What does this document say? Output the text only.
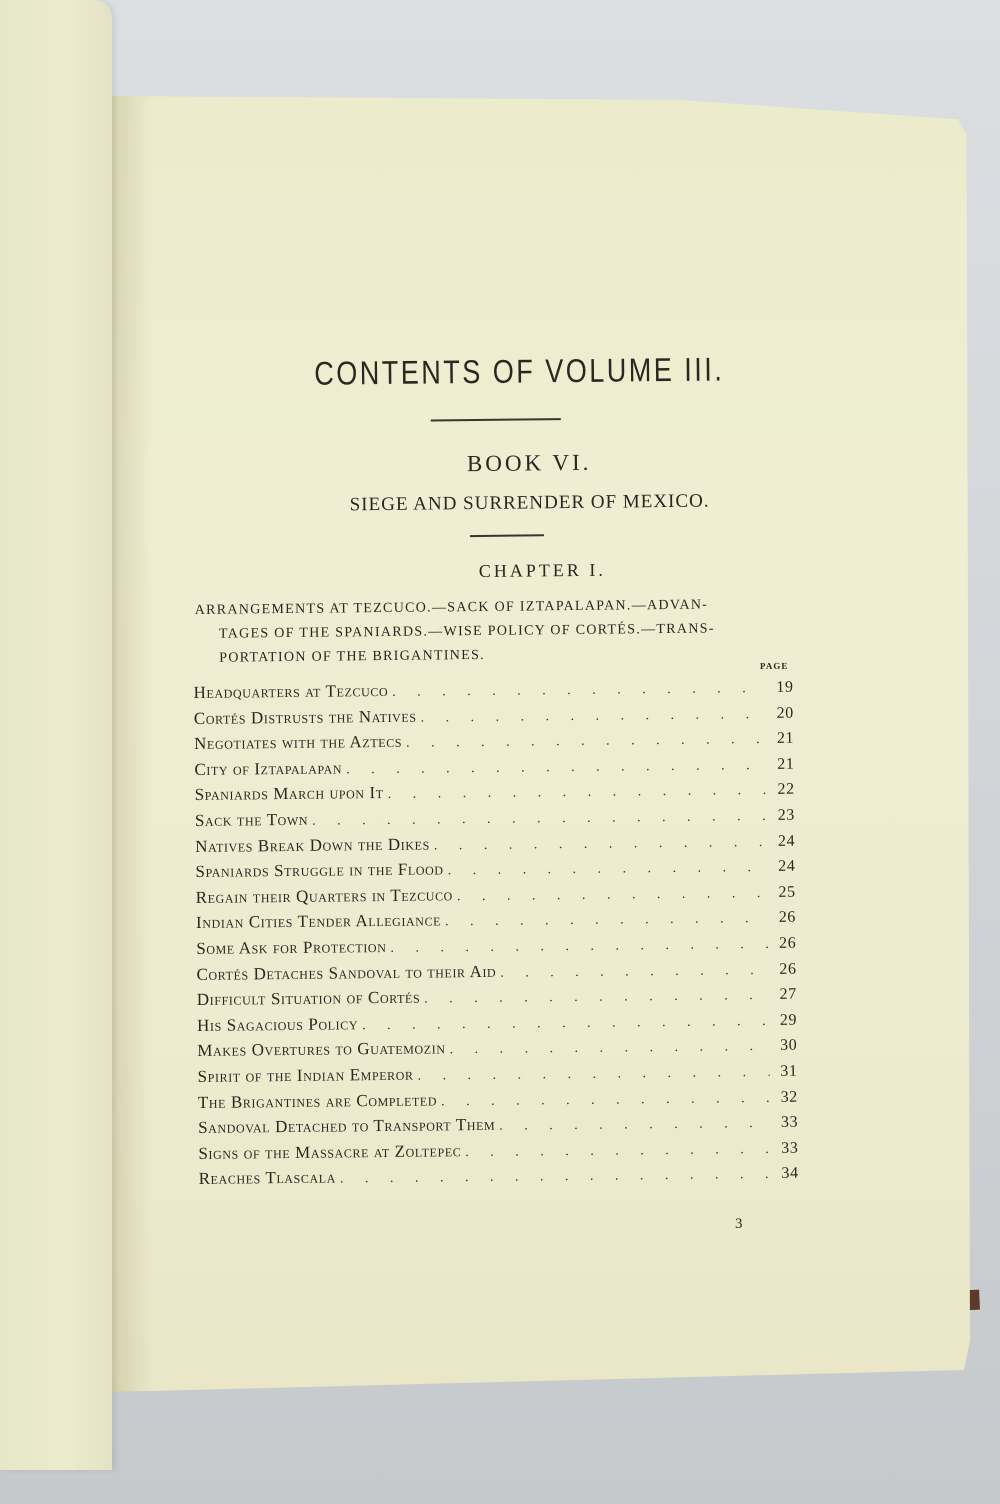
CONTENTS OF VOLUME III.
BOOK VI.
SIEGE AND SURRENDER OF MEXICO.
CHAPTER I.
ARRANGEMENTS AT TEZCUCO.—SACK OF IZTAPALAPAN.—ADVAN-
TAGES OF THE SPANIARDS.—WISE POLICY OF CORTÉS.—TRANS-
PORTATION OF THE BRIGANTINES.
PAGE
Headquarters at Tezcuco . . .	19
Cortés Distrusts the Natives . . .	20
Negotiates with the Aztecs . . .	21
City of Iztapalapan . . .	21
Spaniards March upon It . . .	22
Sack the Town . . .	23
Natives Break Down the Dikes . . .	24
Spaniards Struggle in the Flood . . .	24
Regain their Quarters in Tezcuco . . .	25
Indian Cities Tender Allegiance . . .	26
Some Ask for Protection . . .	26
Cortés Detaches Sandoval to their Aid . . .	26
Difficult Situation of Cortés . . .	27
His Sagacious Policy . . .	29
Makes Overtures to Guatemozin . . .	30
Spirit of the Indian Emperor . . .	31
The Brigantines are Completed . . .	32
Sandoval Detached to Transport Them . . .	33
Signs of the Massacre at Zoltepec . . .	33
Reaches Tlascala . . .	34
3
